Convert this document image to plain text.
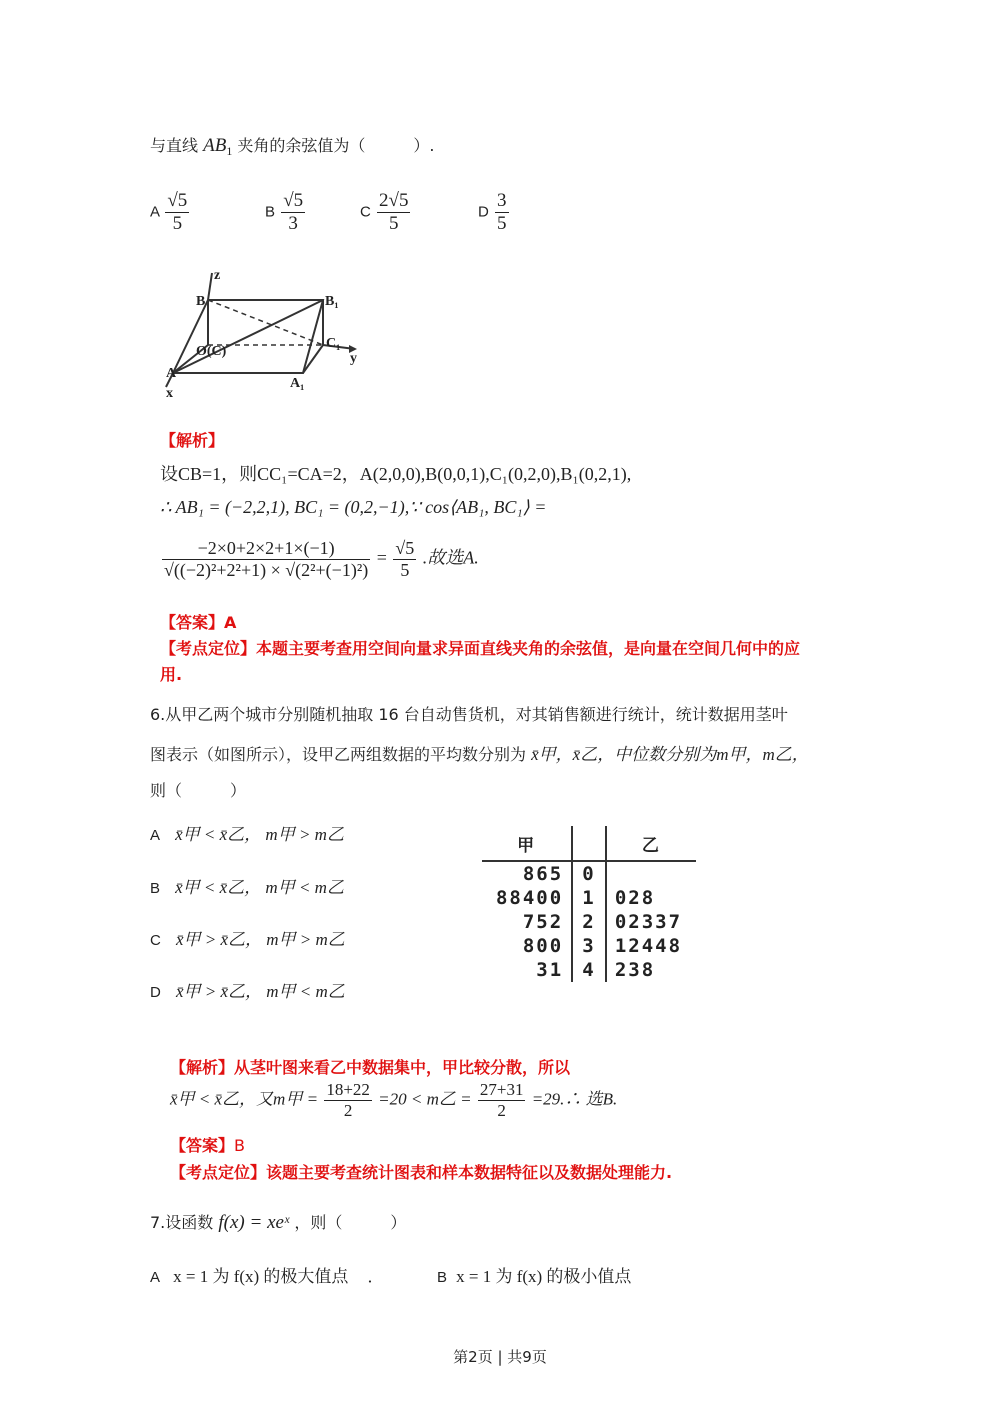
与直线 $AB_1$ 夹角的余弦值为（　　　）.
A $\frac{√5}{5}$	B $\frac{√5}{3}$	C $\frac{2√5}{5}$	D $\frac{3}{5}$
z
B	B₁
O(C)
C₁
y
A
x
A₁
【解析】
设CB=1，则CC₁=CA=2，A(2,0,0),B(0,0,1),C₁(0,2,0),B₁(0,2,1),
∴ AB₁ = (−2,2,1), BC₁ = (0,2,−1),∵ cos⟨AB₁, BC₁⟩ =
$\frac{-2\times 0+2\times 2+1\times(-1)}{\text{√((−2)²+2²+1) × √(2²+(−1)²)}} = \frac{√5}{5}$ .故选A.
【答案】A
【考点定位】本题主要考查用空间向量求异面直线夹角的余弦值，是向量在空间几何中的应
用.
6.从甲乙两个城市分别随机抽取 16 台自动售货机，对其销售额进行统计，统计数据用茎叶
图表示（如图所示），设甲乙两组数据的平均数分别为 x̄甲，x̄乙，中位数分别为m甲，m乙，
则（　　　）
A x̄甲 < x̄乙， m甲 > m乙
B x̄甲 < x̄乙， m甲 < m乙
C x̄甲 > x̄乙， m甲 > m乙
D x̄甲 > x̄乙， m甲 < m乙
甲		乙
865	0	
88400	1	028
752	2	02337
800	3	12448
31	4	238
【解析】从茎叶图来看乙中数据集中，甲比较分散，所以
x̄甲 < x̄乙，又m甲 = $\frac{18+22}{2} =20 < m$乙 = $\frac{27+31}{2}$ =29.∴ 选B.
【答案】B
【考点定位】该题主要考查统计图表和样本数据特征以及数据处理能力.
7.设函数 f(x) = xeˣ ，则（　　　）
A x = 1 为 f(x) 的极大值点 ．	B x = 1 为 f(x) 的极小值点
第2页 | 共9页
